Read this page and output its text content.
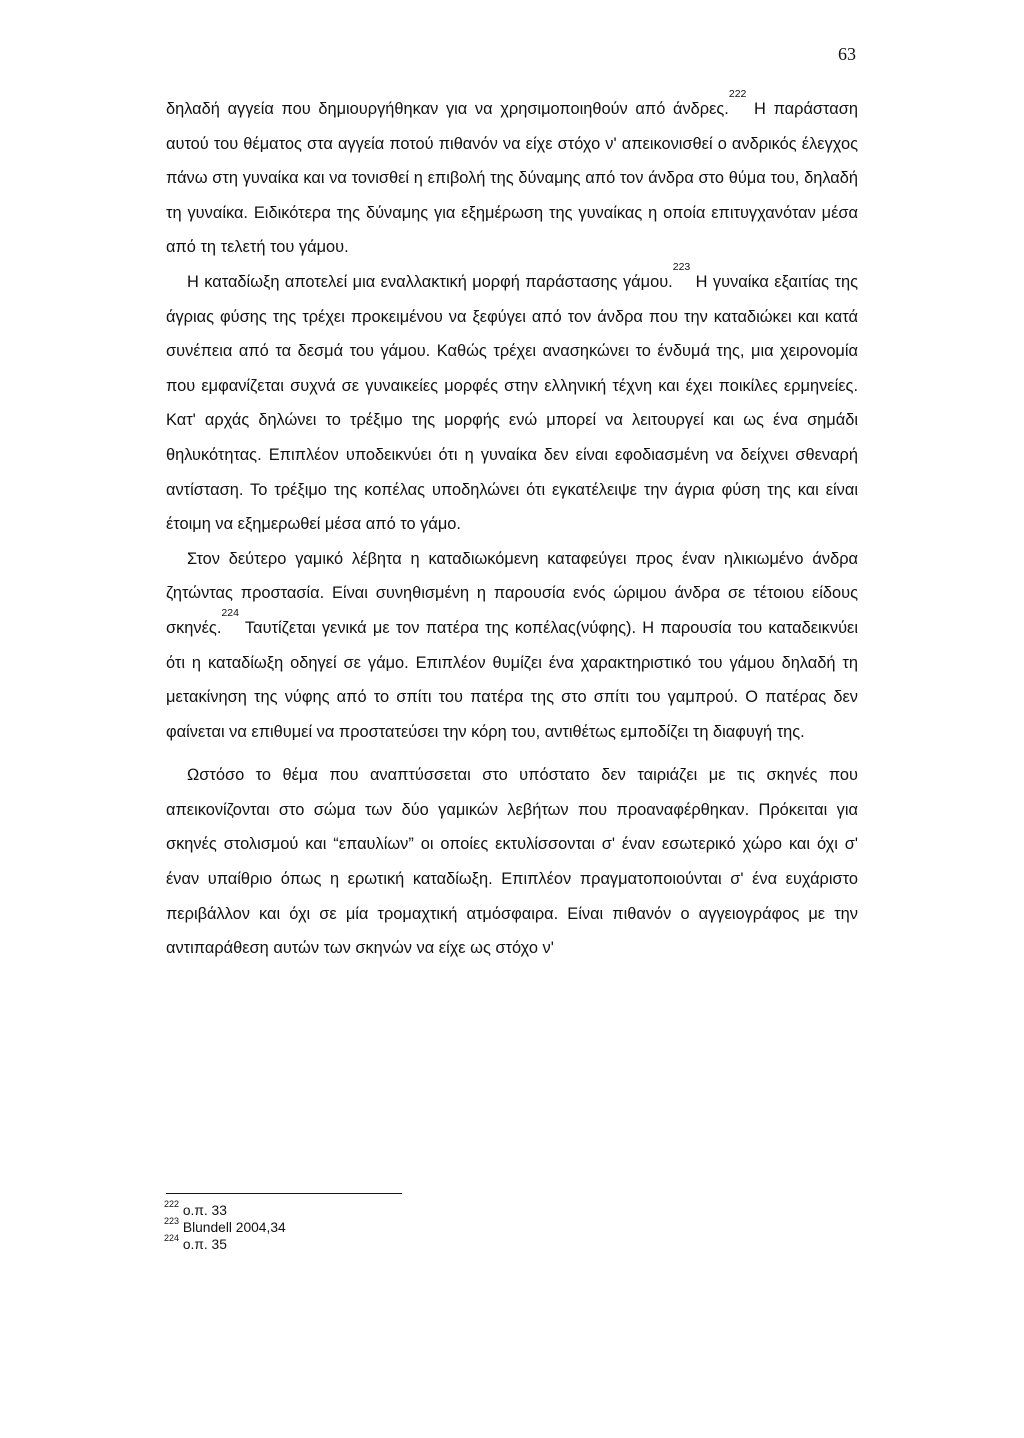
63

δηλαδή αγγεία που δημιουργήθηκαν για να χρησιμοποιηθούν από άνδρες.$^{222}$ Η παράσταση αυτού του θέματος στα αγγεία ποτού πιθανόν να είχε στόχο ν' απεικονισθεί ο ανδρικός έλεγχος πάνω στη γυναίκα και να τονισθεί η επιβολή της δύναμης από τον άνδρα στο θύμα του, δηλαδή τη γυναίκα. Ειδικότερα της δύναμης για εξημέρωση της γυναίκας η οποία επιτυγχανόταν μέσα από τη τελετή του γάμου.

Η καταδίωξη αποτελεί μια εναλλακτική μορφή παράστασης γάμου.$^{223}$ Η γυναίκα εξαιτίας της άγριας φύσης της τρέχει προκειμένου να ξεφύγει από τον άνδρα που την καταδιώκει και κατά συνέπεια από τα δεσμά του γάμου. Καθώς τρέχει ανασηκώνει το ένδυμά της, μια χειρονομία που εμφανίζεται συχνά σε γυναικείες μορφές στην ελληνική τέχνη και έχει ποικίλες ερμηνείες. Κατ' αρχάς δηλώνει το τρέξιμο της μορφής ενώ μπορεί να λειτουργεί και ως ένα σημάδι θηλυκότητας. Επιπλέον υποδεικνύει ότι η γυναίκα δεν είναι εφοδιασμένη να δείχνει σθεναρή αντίσταση. Το τρέξιμο της κοπέλας υποδηλώνει ότι εγκατέλειψε την άγρια φύση της και είναι έτοιμη να εξημερωθεί μέσα από το γάμο.

Στον δεύτερο γαμικό λέβητα η καταδιωκόμενη καταφεύγει προς έναν ηλικιωμένο άνδρα ζητώντας προστασία. Είναι συνηθισμένη η παρουσία ενός ώριμου άνδρα σε τέτοιου είδους σκηνές.$^{224}$ Ταυτίζεται γενικά με τον πατέρα της κοπέλας(νύφης). Η παρουσία του καταδεικνύει ότι η καταδίωξη οδηγεί σε γάμο. Επιπλέον θυμίζει ένα χαρακτηριστικό του γάμου δηλαδή τη μετακίνηση της νύφης από το σπίτι του πατέρα της στο σπίτι του γαμπρού. Ο πατέρας δεν φαίνεται να επιθυμεί να προστατεύσει την κόρη του, αντιθέτως εμποδίζει τη διαφυγή της.

Ωστόσο το θέμα που αναπτύσσεται στο υπόστατο δεν ταιριάζει με τις σκηνές που απεικονίζονται στο σώμα των δύο γαμικών λεβήτων που προαναφέρθηκαν. Πρόκειται για σκηνές στολισμού και “επαυλίων” οι οποίες εκτυλίσσονται σ' έναν εσωτερικό χώρο και όχι σ' έναν υπαίθριο όπως η ερωτική καταδίωξη. Επιπλέον πραγματοποιούνται σ' ένα ευχάριστο περιβάλλον και όχι σε μία τρομαχτική ατμόσφαιρα. Είναι πιθανόν ο αγγειογράφος με την αντιπαράθεση αυτών των σκηνών να είχε ως στόχο ν'

$^{222}$ ο.π. 33
$^{223}$ Blundell 2004,34
$^{224}$ ο.π. 35
